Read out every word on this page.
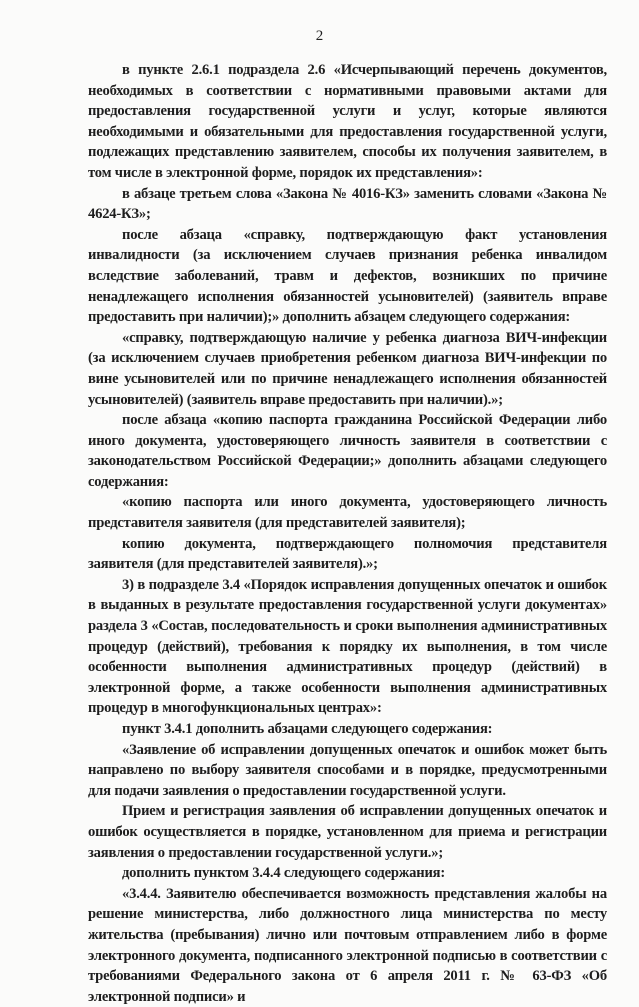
2

в пункте 2.6.1 подраздела 2.6 «Исчерпывающий перечень документов, необходимых в соответствии с нормативными правовыми актами для предоставления государственной услуги и услуг, которые являются необходимыми и обязательными для предоставления государственной услуги, подлежащих представлению заявителем, способы их получения заявителем, в том числе в электронной форме, порядок их представления»:

в абзаце третьем слова «Закона № 4016-КЗ» заменить словами «Закона № 4624-КЗ»;

после абзаца «справку, подтверждающую факт установления инвалидности (за исключением случаев признания ребенка инвалидом вследствие заболеваний, травм и дефектов, возникших по причине ненадлежащего исполнения обязанностей усыновителей) (заявитель вправе предоставить при наличии);» дополнить абзацем следующего содержания:

«справку, подтверждающую наличие у ребенка диагноза ВИЧ-инфекции (за исключением случаев приобретения ребенком диагноза ВИЧ-инфекции по вине усыновителей или по причине ненадлежащего исполнения обязанностей усыновителей) (заявитель вправе предоставить при наличии).»;

после абзаца «копию паспорта гражданина Российской Федерации либо иного документа, удостоверяющего личность заявителя в соответствии с законодательством Российской Федерации;» дополнить абзацами следующего содержания:

«копию паспорта или иного документа, удостоверяющего личность представителя заявителя (для представителей заявителя);

копию документа, подтверждающего полномочия представителя заявителя (для представителей заявителя).»;

3) в подразделе 3.4 «Порядок исправления допущенных опечаток и ошибок в выданных в результате предоставления государственной услуги документах» раздела 3 «Состав, последовательность и сроки выполнения административных процедур (действий), требования к порядку их выполнения, в том числе особенности выполнения административных процедур (действий) в электронной форме, а также особенности выполнения административных процедур в многофункциональных центрах»:

пункт 3.4.1 дополнить абзацами следующего содержания:

«Заявление об исправлении допущенных опечаток и ошибок может быть направлено по выбору заявителя способами и в порядке, предусмотренными для подачи заявления о предоставлении государственной услуги.

Прием и регистрация заявления об исправлении допущенных опечаток и ошибок осуществляется в порядке, установленном для приема и регистрации заявления о предоставлении государственной услуги.»;

дополнить пунктом 3.4.4 следующего содержания:

«3.4.4. Заявителю обеспечивается возможность представления жалобы на решение министерства, либо должностного лица министерства по месту жительства (пребывания) лично или почтовым отправлением либо в форме электронного документа, подписанного электронной подписью в соответствии с требованиями Федерального закона от 6 апреля 2011 г. № 63-ФЗ «Об электронной подписи» и
